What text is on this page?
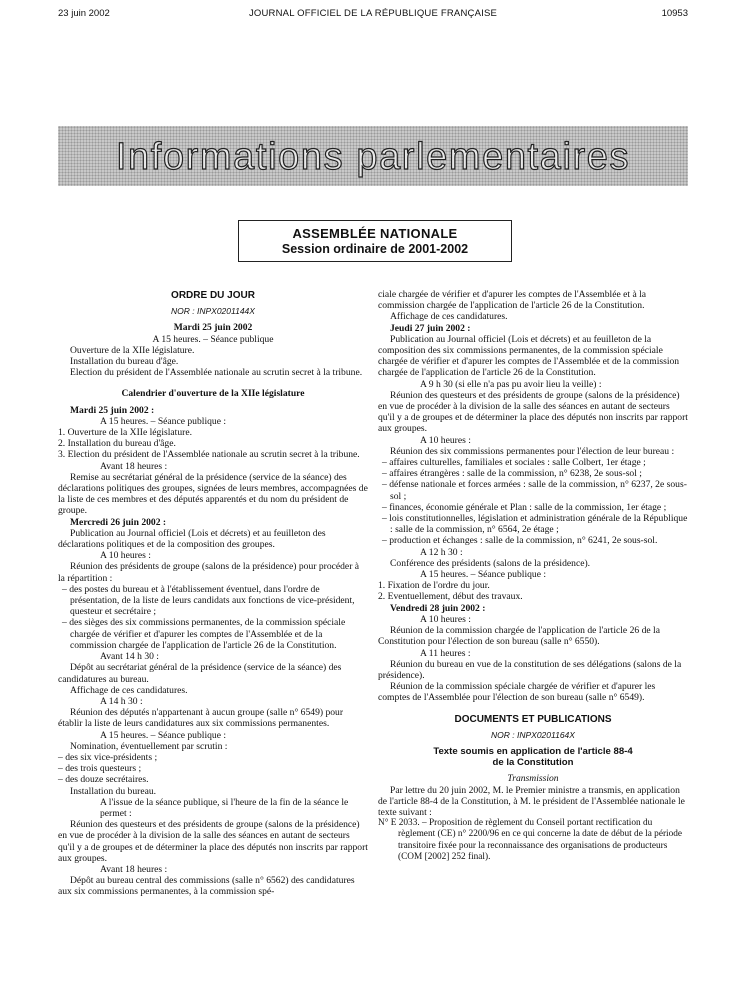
23 juin 2002	JOURNAL OFFICIEL DE LA RÉPUBLIQUE FRANÇAISE	10953
Informations parlementaires
ASSEMBLÉE NATIONALE
Session ordinaire de 2001-2002

ORDRE DU JOUR

NOR : INPX0201144X

Mardi 25 juin 2002

A 15 heures. – Séance publique

Ouverture de la XIIe législature.

Installation du bureau d'âge.

Election du président de l'Assemblée nationale au scrutin secret à la tribune.

Calendrier d'ouverture de la XIIe législature

Mardi 25 juin 2002 :

A 15 heures. – Séance publique :

1. Ouverture de la XIIe législature.

2. Installation du bureau d'âge.

3. Election du président de l'Assemblée nationale au scrutin secret à la tribune.

Avant 18 heures :

Remise au secrétariat général de la présidence (service de la séance) des déclarations politiques des groupes, signées de leurs membres, accompagnées de la liste de ces membres et des députés apparentés et du nom du président de groupe.

Mercredi 26 juin 2002 :

Publication au Journal officiel (Lois et décrets) et au feuilleton des déclarations politiques et de la composition des groupes.

A 10 heures :

Réunion des présidents de groupe (salons de la présidence) pour procéder à la répartition :

– des postes du bureau et à l'établissement éventuel, dans l'ordre de présentation, de la liste de leurs candidats aux fonctions de vice-président, questeur et secrétaire ;

– des sièges des six commissions permanentes, de la commission spéciale chargée de vérifier et d'apurer les comptes de l'Assemblée et de la commission chargée de l'application de l'article 26 de la Constitution.

Avant 14 h 30 :

Dépôt au secrétariat général de la présidence (service de la séance) des candidatures au bureau.

Affichage de ces candidatures.

A 14 h 30 :

Réunion des députés n'appartenant à aucun groupe (salle n° 6549) pour établir la liste de leurs candidatures aux six commissions permanentes.

A 15 heures. – Séance publique :

Nomination, éventuellement par scrutin :

– des six vice-présidents ;

– des trois questeurs ;

– des douze secrétaires.

Installation du bureau.

A l'issue de la séance publique, si l'heure de la fin de la séance le permet :

Réunion des questeurs et des présidents de groupe (salons de la présidence) en vue de procéder à la division de la salle des séances en autant de secteurs qu'il y a de groupes et de déterminer la place des députés non inscrits par rapport aux groupes.

Avant 18 heures :

Dépôt au bureau central des commissions (salle n° 6562) des candidatures aux six commissions permanentes, à la commission spé-

ciale chargée de vérifier et d'apurer les comptes de l'Assemblée et à la commission chargée de l'application de l'article 26 de la Constitution.

Affichage de ces candidatures.

Jeudi 27 juin 2002 :

Publication au Journal officiel (Lois et décrets) et au feuilleton de la composition des six commissions permanentes, de la commission spéciale chargée de vérifier et d'apurer les comptes de l'Assemblée et de la commission chargée de l'application de l'article 26 de la Constitution.

A 9 h 30 (si elle n'a pas pu avoir lieu la veille) :

Réunion des questeurs et des présidents de groupe (salons de la présidence) en vue de procéder à la division de la salle des séances en autant de secteurs qu'il y a de groupes et de déterminer la place des députés non inscrits par rapport aux groupes.

A 10 heures :

Réunion des six commissions permanentes pour l'élection de leur bureau :

– affaires culturelles, familiales et sociales : salle Colbert, 1er étage ;

– affaires étrangères : salle de la commission, n° 6238, 2e sous-sol ;

– défense nationale et forces armées : salle de la commission, n° 6237, 2e sous-sol ;

– finances, économie générale et Plan : salle de la commission, 1er étage ;

– lois constitutionnelles, législation et administration générale de la République : salle de la commission, n° 6564, 2e étage ;

– production et échanges : salle de la commission, n° 6241, 2e sous-sol.

A 12 h 30 :

Conférence des présidents (salons de la présidence).

A 15 heures. – Séance publique :

1. Fixation de l'ordre du jour.

2. Eventuellement, début des travaux.

Vendredi 28 juin 2002 :

A 10 heures :

Réunion de la commission chargée de l'application de l'article 26 de la Constitution pour l'élection de son bureau (salle n° 6550).

A 11 heures :

Réunion du bureau en vue de la constitution de ses délégations (salons de la présidence).

Réunion de la commission spéciale chargée de vérifier et d'apurer les comptes de l'Assemblée pour l'élection de son bureau (salle n° 6549).

DOCUMENTS ET PUBLICATIONS

NOR : INPX0201164X

Texte soumis en application de l'article 88-4

de la Constitution

Transmission

Par lettre du 20 juin 2002, M. le Premier ministre a transmis, en application de l'article 88-4 de la Constitution, à M. le président de l'Assemblée nationale le texte suivant :

N° E 2033. – Proposition de règlement du Conseil portant rectification du règlement (CE) n° 2200/96 en ce qui concerne la date de début de la période transitoire fixée pour la reconnaissance des organisations de producteurs (COM [2002] 252 final).
